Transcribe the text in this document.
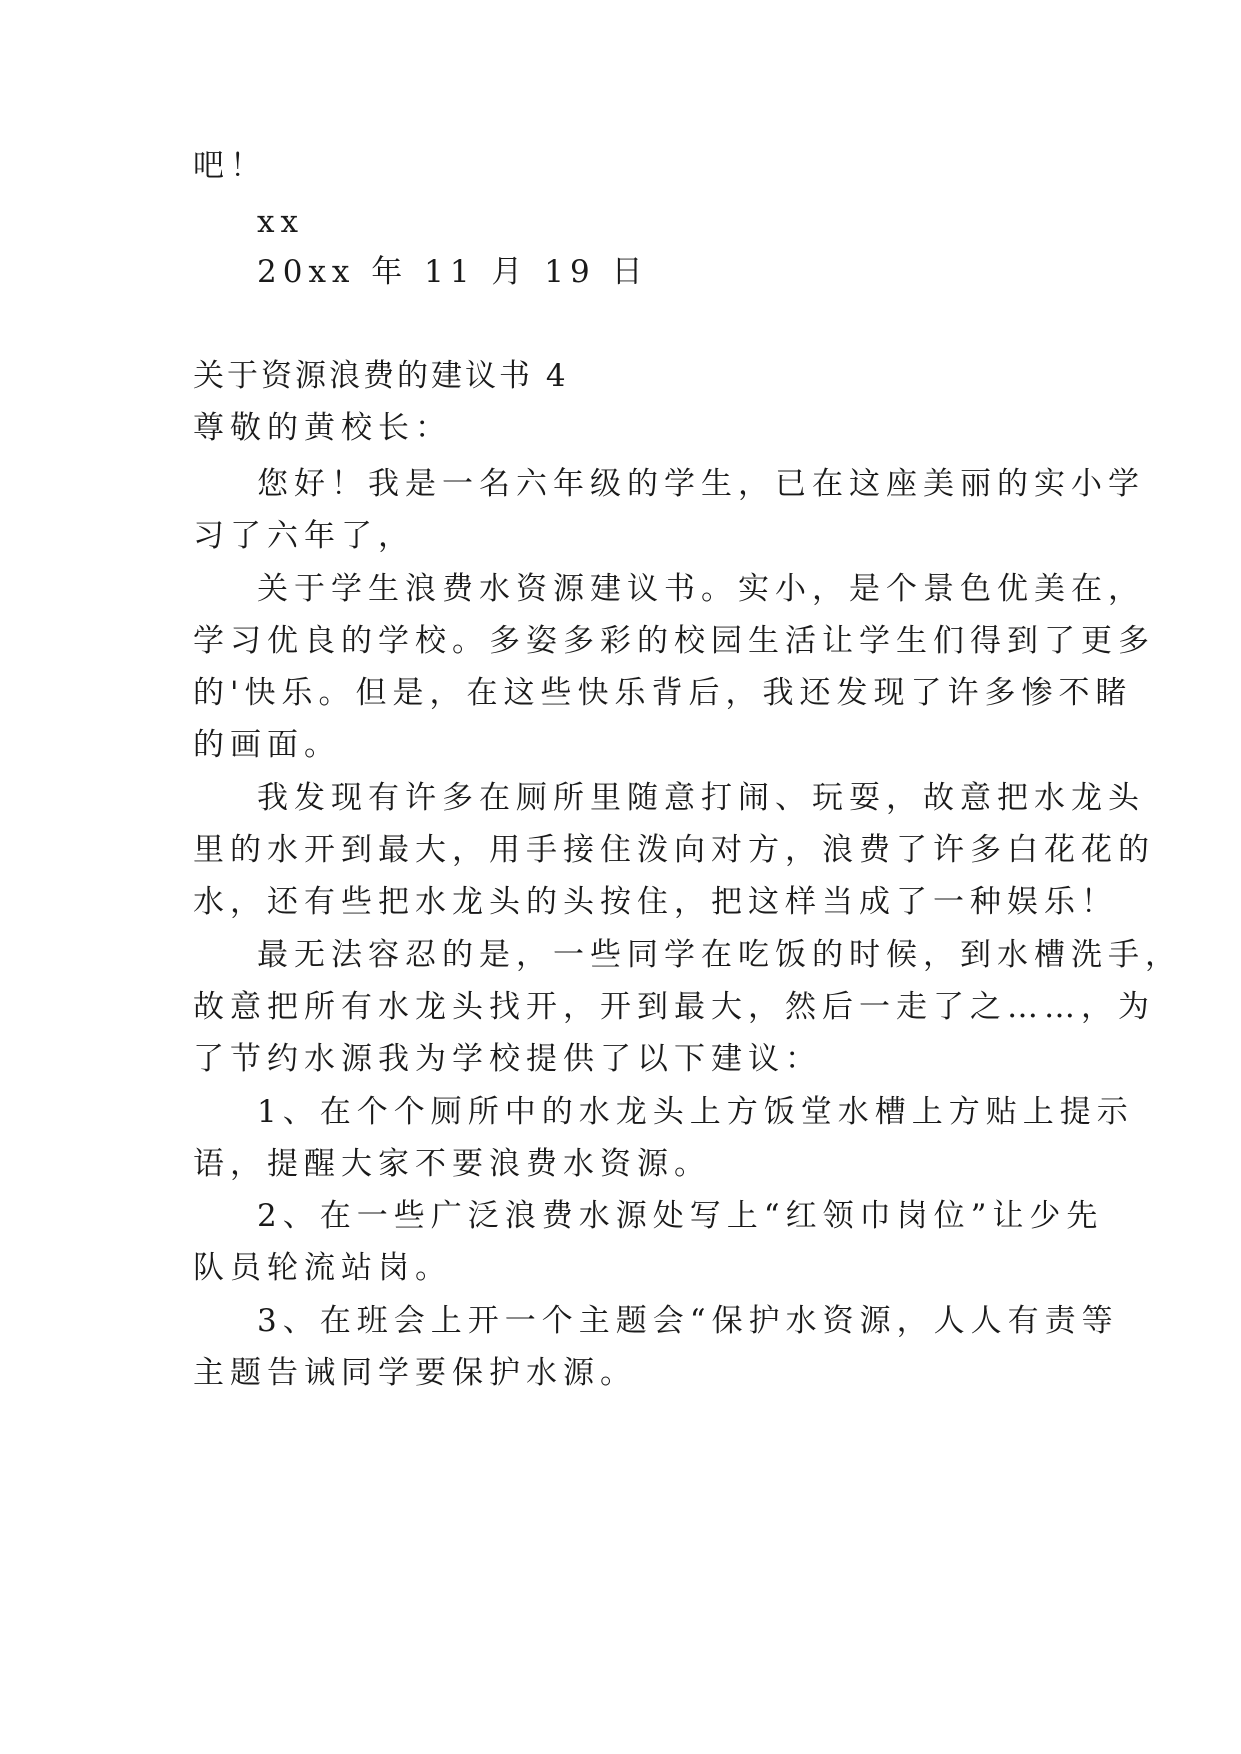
吧！
xx
20xx 年 11 月 19 日
关于资源浪费的建议书 4
尊敬的黄校长：
您好！我是一名六年级的学生，已在这座美丽的实小学
习了六年了，
关于学生浪费水资源建议书。实小，是个景色优美在，
学习优良的学校。多姿多彩的校园生活让学生们得到了更多
的'快乐。但是，在这些快乐背后，我还发现了许多惨不睹
的画面。
我发现有许多在厕所里随意打闹、玩耍，故意把水龙头
里的水开到最大，用手接住泼向对方，浪费了许多白花花的
水，还有些把水龙头的头按住，把这样当成了一种娱乐！
最无法容忍的是，一些同学在吃饭的时候，到水槽洗手，
故意把所有水龙头找开，开到最大，然后一走了之……，为
了节约水源我为学校提供了以下建议：
1、在个个厕所中的水龙头上方饭堂水槽上方贴上提示
语，提醒大家不要浪费水资源。
2、在一些广泛浪费水源处写上“红领巾岗位”让少先
队员轮流站岗。
3、在班会上开一个主题会“保护水资源，人人有责等
主题告诫同学要保护水源。
